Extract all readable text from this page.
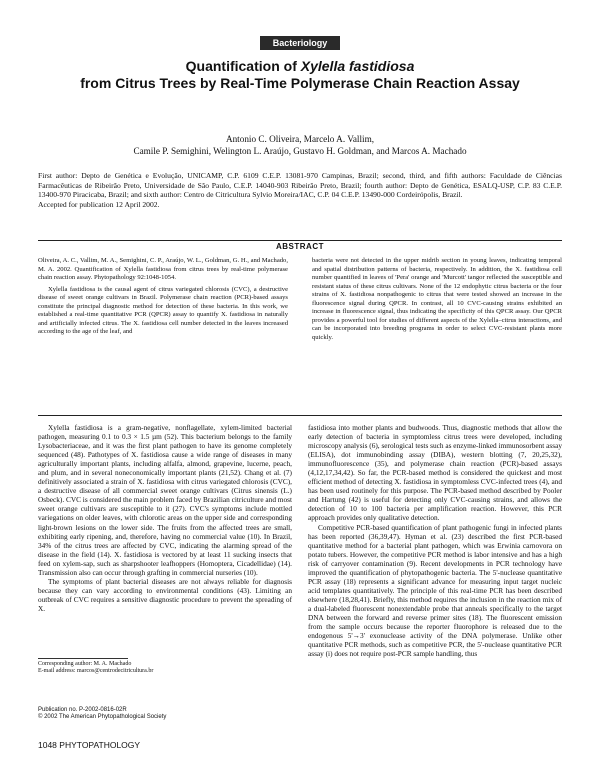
Bacteriology
Quantification of Xylella fastidiosa
from Citrus Trees by Real-Time Polymerase Chain Reaction Assay
Antonio C. Oliveira, Marcelo A. Vallim,
Camile P. Semighini, Welington L. Araújo, Gustavo H. Goldman, and Marcos A. Machado
First author: Depto de Genética e Evolução, UNICAMP, C.P. 6109 C.E.P. 13081-970 Campinas, Brazil; second, third, and fifth authors: Faculdade de Ciências Farmacêuticas de Ribeirão Preto, Universidade de São Paulo, C.E.P. 14040-903 Ribeirão Preto, Brazil; fourth author: Depto de Genética, ESALQ-USP, C.P. 83 C.E.P. 13400-970 Piracicaba, Brazil; and sixth author: Centro de Citricultura Sylvio Moreira/IAC, C.P. 04 C.E.P. 13490-000 Cordeirópolis, Brazil.
Accepted for publication 12 April 2002.
ABSTRACT

Oliveira, A. C., Vallim, M. A., Semighini, C. P., Araújo, W. L., Goldman, G. H., and Machado, M. A. 2002. Quantification of Xylella fastidiosa from citrus trees by real-time polymerase chain reaction assay. Phytopathology 92:1048-1054.

Xylella fastidiosa is the causal agent of citrus variegated chlorosis (CVC), a destructive disease of sweet orange cultivars in Brazil. Polymerase chain reaction (PCR)-based assays constitute the principal diagnostic method for detection of these bacteria. In this work, we established a real-time quantitative PCR (QPCR) assay to quantify X. fastidiosa in naturally and artificially infected citrus. The X. fastidiosa cell number detected in the leaves increased according to the age of the leaf, and

bacteria were not detected in the upper midrib section in young leaves, indicating temporal and spatial distribution patterns of bacteria, respectively. In addition, the X. fastidiosa cell number quantified in leaves of 'Pera' orange and 'Murcott' tangor reflected the susceptible and resistant status of these citrus cultivars. None of the 12 endophytic citrus bacteria or the four strains of X. fastidiosa nonpathogenic to citrus that were tested showed an increase in the fluorescence signal during QPCR. In contrast, all 10 CVC-causing strains exhibited an increase in fluorescence signal, thus indicating the specificity of this QPCR assay. Our QPCR provides a powerful tool for studies of different aspects of the Xylella–citrus interactions, and can be incorporated into breeding programs in order to select CVC-resistant plants more quickly.

Xylella fastidiosa is a gram-negative, nonflagellate, xylem-limited bacterial pathogen, measuring 0.1 to 0.3 × 1.5 µm (52). This bacterium belongs to the family Lysobacteriaceae, and it was the first plant pathogen to have its genome completely sequenced (48). Pathotypes of X. fastidiosa cause a wide range of diseases in many agriculturally important plants, including alfalfa, almond, grapevine, lucerne, peach, and plum, and in several noneconomically important plants (21,52). Chang et al. (7) definitively associated a strain of X. fastidiosa with citrus variegated chlorosis (CVC), a destructive disease of all commercial sweet orange cultivars (Citrus sinensis (L.) Osbeck). CVC is considered the main problem faced by Brazilian citriculture and most sweet orange cultivars are susceptible to it (27). CVC's symptoms include mottled variegations on older leaves, with chlorotic areas on the upper side and corresponding light-brown lesions on the lower side. The fruits from the affected trees are small, exhibiting early ripening, and, therefore, having no commercial value (10). In Brazil, 34% of the citrus trees are affected by CVC, indicating the alarming spread of the disease in the field (14). X. fastidiosa is vectored by at least 11 sucking insects that feed on xylem-sap, such as sharpshooter leafhoppers (Homoptera, Cicadellidae) (14). Transmission also can occur through grafting in commercial nurseries (10).

The symptoms of plant bacterial diseases are not always reliable for diagnosis because they can vary according to environmental conditions (43). Limiting an outbreak of CVC requires a sensitive diagnostic procedure to prevent the spreading of X.

fastidiosa into mother plants and budwoods. Thus, diagnostic methods that allow the early detection of bacteria in symptomless citrus trees were developed, including microscopy analysis (6), serological tests such as enzyme-linked immunosorbent assay (ELISA), dot immunobinding assay (DIBA), western blotting (7, 20,25,32), immunofluorescence (35), and polymerase chain reaction (PCR)-based assays (4,12,17,34,42). So far, the PCR-based method is considered the quickest and most efficient method of detecting X. fastidiosa in symptomless CVC-infected trees (4), and has been used routinely for this purpose. The PCR-based method described by Pooler and Hartung (42) is useful for detecting only CVC-causing strains, and allows the detection of 10 to 100 bacteria per amplification reaction. However, this PCR approach provides only qualitative detection.

Competitive PCR-based quantification of plant pathogenic fungi in infected plants has been reported (36,39,47). Hyman et al. (23) described the first PCR-based quantitative method for a bacterial plant pathogen, which was Erwinia carnovora on potato tubers. However, the competitive PCR method is labor intensive and has a high risk of carryover contamination (9). Recent developments in PCR technology have improved the quantification of phytopathogenic bacteria. The 5'-nuclease quantitative PCR assay (18) represents a significant advance for measuring input target nucleic acid templates quantitatively. The principle of this real-time PCR has been described elsewhere (18,28,41). Briefly, this method requires the inclusion in the reaction mix of a dual-labeled fluorescent nonextendable probe that anneals specifically to the target DNA between the forward and reverse primer sites (18). The fluorescent emission from the sample occurs because the reporter fluorophore is released due to the endogenous 5'→3' exonuclease activity of the DNA polymerase. Unlike other quantitative PCR methods, such as competitive PCR, the 5'-nuclease quantitative PCR assay (i) does not require post-PCR sample handling, thus

Corresponding author: M. A. Machado
E-mail address: marcos@centrodecitricultura.br
Publication no. P-2002-0816-02R
© 2002 The American Phytopathological Society
1048 PHYTOPATHOLOGY
